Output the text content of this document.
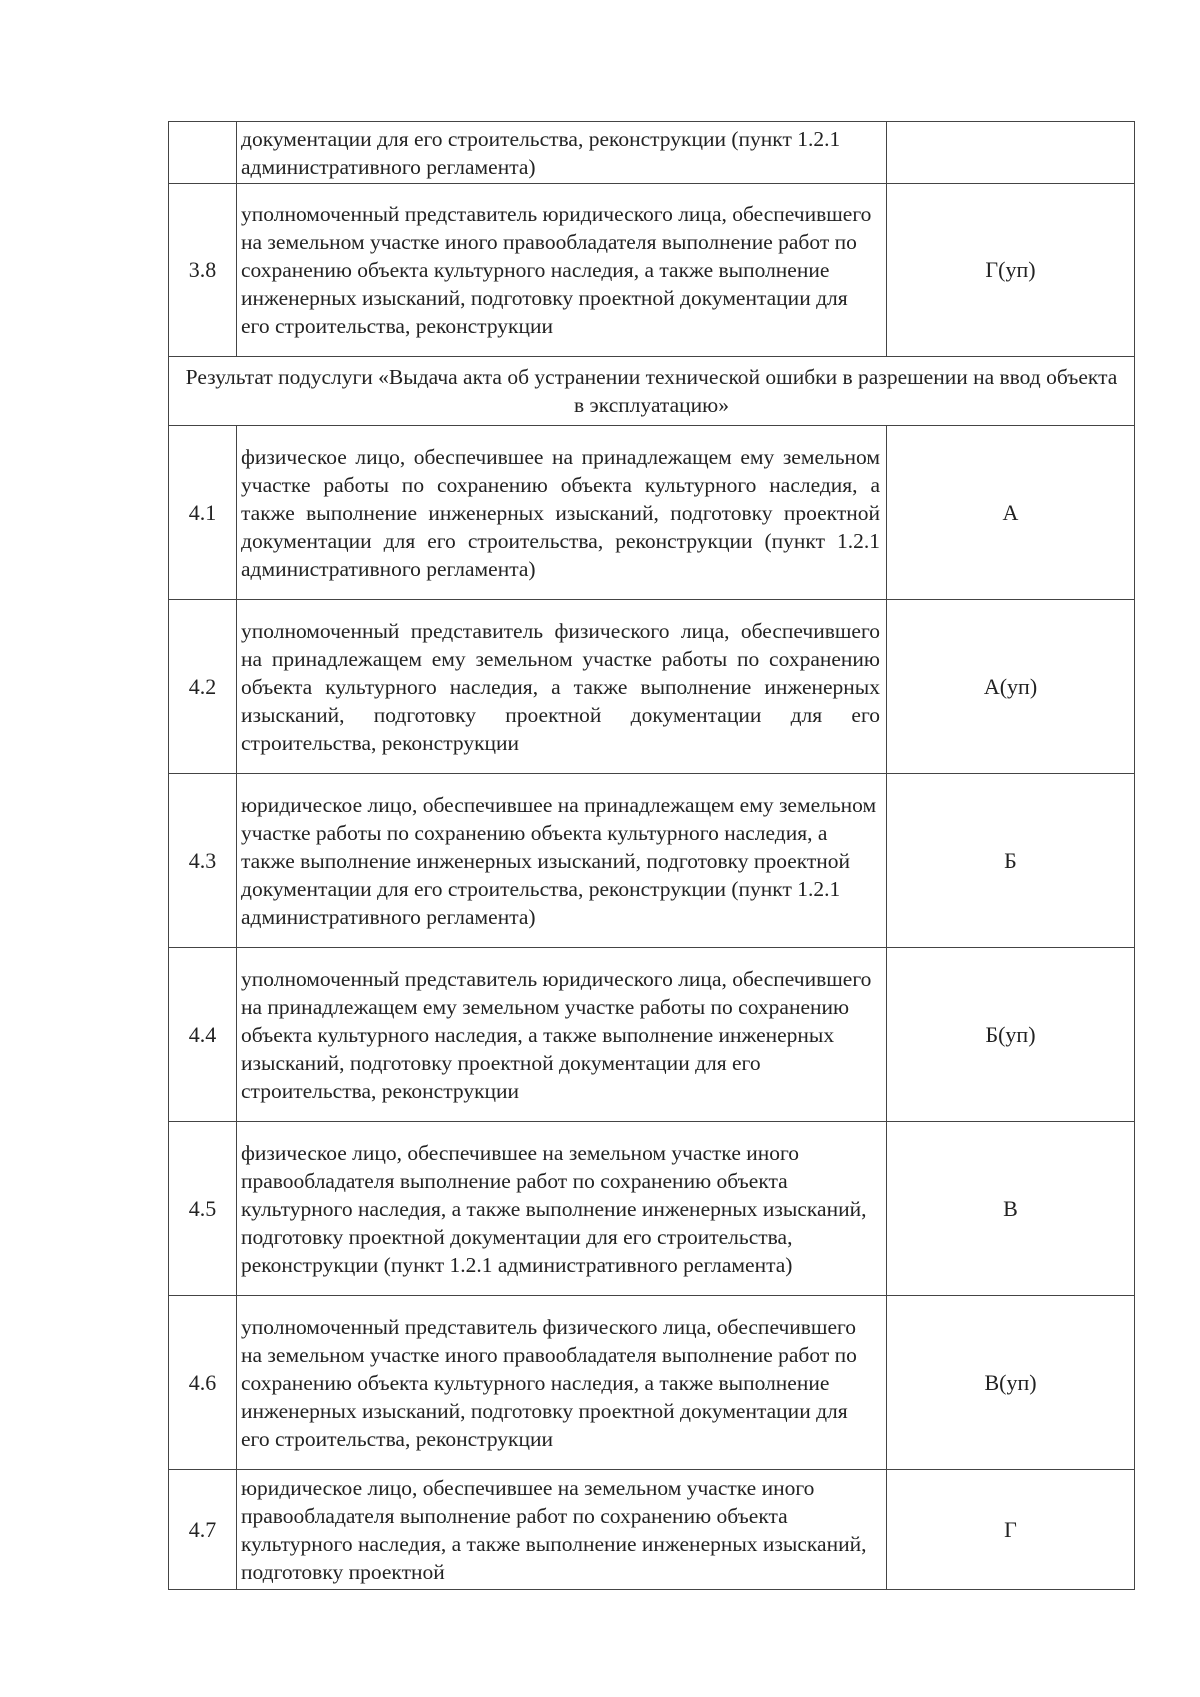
	документации для его строительства, реконструкции (пункт 1.2.1 административного регламента)	
3.8	уполномоченный представитель юридического лица, обеспечившего на земельном участке иного правообладателя выполнение работ по сохранению объекта культурного наследия, а также выполнение инженерных изысканий, подготовку проектной документации для его строительства, реконструкции	Г(уп)
Результат подуслуги «Выдача акта об устранении технической ошибки в разрешении на ввод объекта в эксплуатацию»		
4.1	физическое лицо, обеспечившее на принадлежащем ему земельном участке работы по сохранению объекта культурного наследия, а также выполнение инженерных изысканий, подготовку проектной документации для его строительства, реконструкции (пункт 1.2.1 административного регламента)	А
4.2	уполномоченный представитель физического лица, обеспечившего на принадлежащем ему земельном участке работы по сохранению объекта культурного наследия, а также выполнение инженерных изысканий, подготовку проектной документации для его строительства, реконструкции	А(уп)
4.3	юридическое лицо, обеспечившее на принадлежащем ему земельном участке работы по сохранению объекта культурного наследия, а также выполнение инженерных изысканий, подготовку проектной документации для его строительства, реконструкции (пункт 1.2.1 административного регламента)	Б
4.4	уполномоченный представитель юридического лица, обеспечившего на принадлежащем ему земельном участке работы по сохранению объекта культурного наследия, а также выполнение инженерных изысканий, подготовку проектной документации для его строительства, реконструкции	Б(уп)
4.5	физическое лицо, обеспечившее на земельном участке иного правообладателя выполнение работ по сохранению объекта культурного наследия, а также выполнение инженерных изысканий, подготовку проектной документации для его строительства, реконструкции (пункт 1.2.1 административного регламента)	В
4.6	уполномоченный представитель физического лица, обеспечившего на земельном участке иного правообладателя выполнение работ по сохранению объекта культурного наследия, а также выполнение инженерных изысканий, подготовку проектной документации для его строительства, реконструкции	В(уп)
4.7	юридическое лицо, обеспечившее на земельном участке иного правообладателя выполнение работ по сохранению объекта культурного наследия, а также выполнение инженерных изысканий, подготовку проектной	Г
